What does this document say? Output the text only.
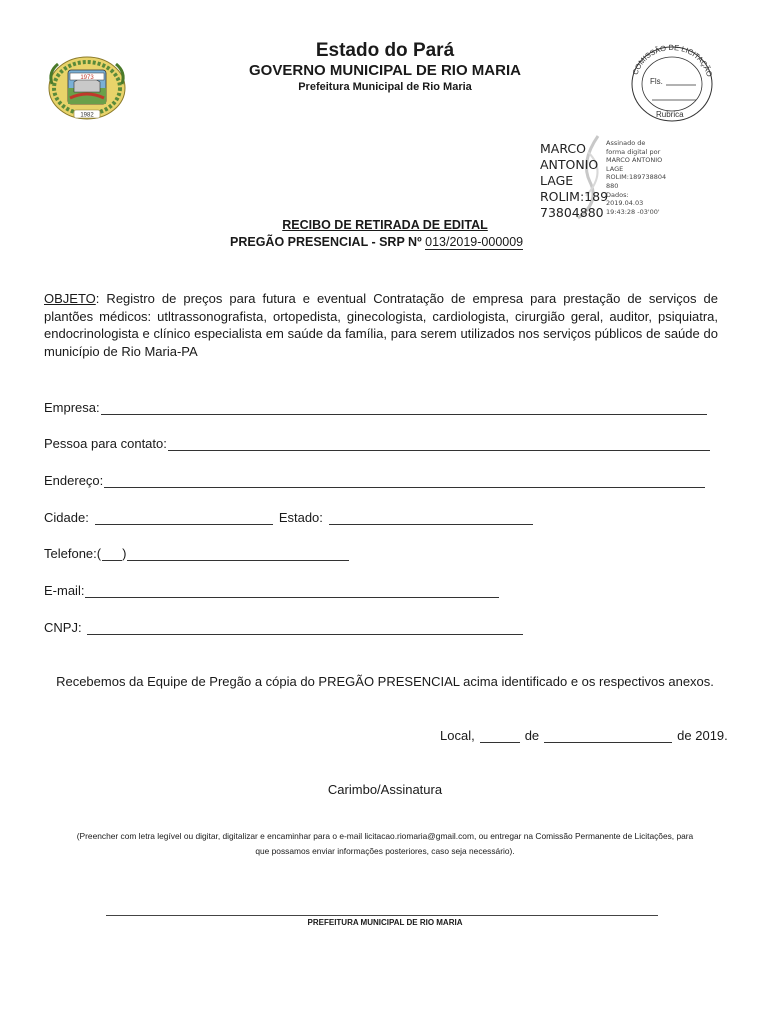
1973
1982
Estado do Pará
GOVERNO MUNICIPAL DE RIO MARIA
Prefeitura Municipal de Rio Maria
COMISSÃO DE LICITAÇÃO
Fls.
Rubrica
MARCO
ANTONIO
LAGE
ROLIM:189
73804880
Assinado de
forma digital por
MARCO ANTONIO
LAGE
ROLIM:189738804
880
Dados:
2019.04.03
19:43:28 -03'00'
RECIBO DE RETIRADA DE EDITAL
PREGÃO PRESENCIAL - SRP Nº 013/2019-000009
OBJETO: Registro de preços para futura e eventual Contratação de empresa para prestação de serviços de plantões médicos: utltrassonografista, ortopedista, ginecologista, cardiologista, cirurgião geral, auditor, psiquiatra, endocrinologista e clínico especialista em saúde da família, para serem utilizados nos serviços públicos de saúde do município de Rio Maria-PA
Empresa:
Pessoa para contato:
Endereço:
Cidade:	Estado:
Telefone:( )
E-mail:
CNPJ:
Recebemos da Equipe de Pregão a cópia do PREGÃO PRESENCIAL acima identificado e os respectivos anexos.
Local,	de	de 2019.
Carimbo/Assinatura
(Preencher com letra legível ou digitar, digitalizar e encaminhar para o e-mail licitacao.riomaria@gmail.com, ou entregar na Comissão Permanente de Licitações, para
que possamos enviar informações posteriores, caso seja necessário).
PREFEITURA MUNICIPAL DE RIO MARIA
